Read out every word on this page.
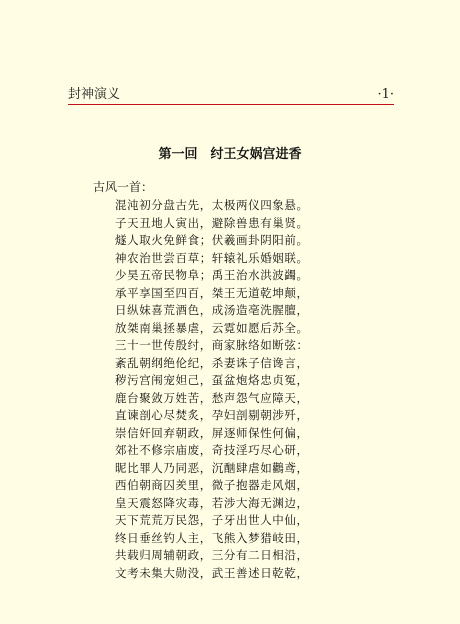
封神演义	·1·
第一回　纣王女娲宫进香
古风一首：
混沌初分盘古先，太极两仪四象悬。
子天丑地人寅出，避除兽患有巢贤。
燧人取火免鲜食；伏羲画卦阴阳前。
神农治世尝百草；轩辕礼乐婚姻联。
少昊五帝民物阜；禹王治水洪波蠲。
承平享国至四百，桀王无道乾坤颠，
日纵妹喜荒酒色，成汤造亳洗腥膻，
放桀南巢拯暴虐，云霓如愿后苏全。
三十一世传殷纣，商家脉络如断弦：
紊乱朝纲绝伦纪，杀妻诛子信谗言，
秽污宫闱宠妲己，虿盆炮烙忠贞冤，
鹿台聚敛万姓苦，愁声怨气应障天，
直谏剖心尽焚炙，孕妇剖剔朝涉歼，
崇信奸回弃朝政，屏逐师保性何偏，
郊社不修宗庙废，奇技淫巧尽心研，
昵比罪人乃同恶，沉酗肆虐如鸛鸢，
西伯朝商囚羑里，微子抱器走风烟，
皇天震怒降灾毒，若涉大海无渊边，
天下荒荒万民怨，子牙出世人中仙，
终日垂丝钓人主，飞熊入梦猎岐田，
共载归周辅朝政，三分有二日相沿，
文考未集大勋没，武王善述日乾乾，
